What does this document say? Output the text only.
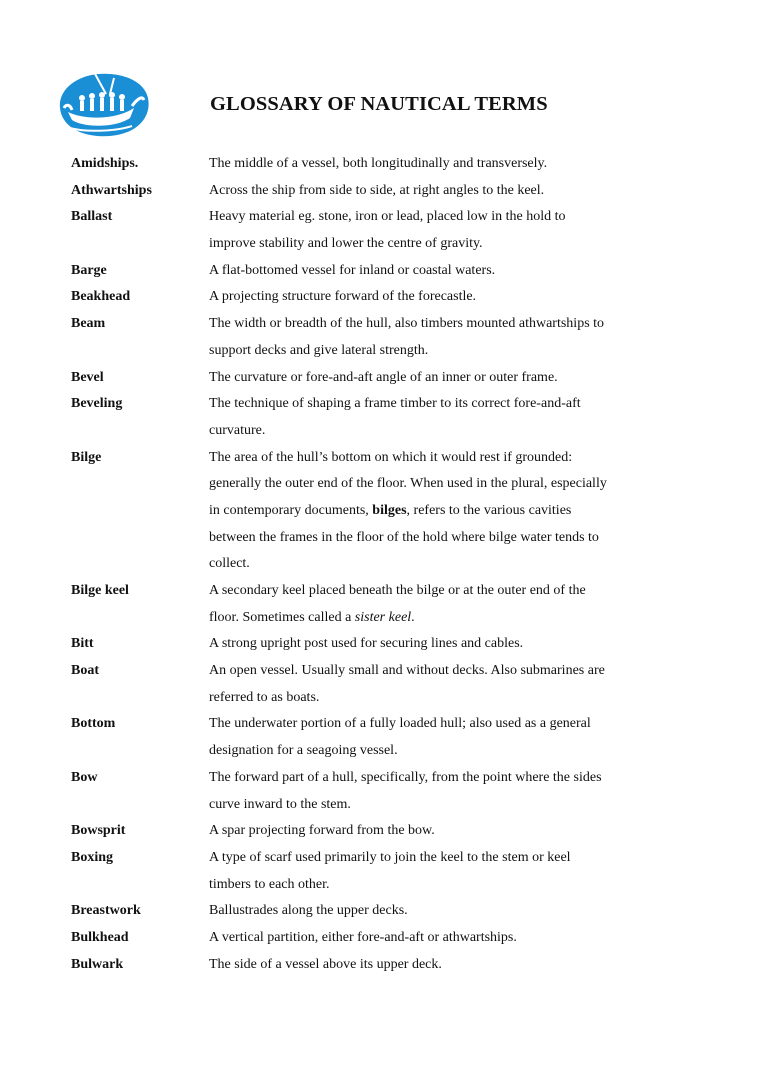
GLOSSARY OF NAUTICAL TERMS
Amidships.	The middle of a vessel, both longitudinally and transversely.
Athwartships	Across the ship from side to side, at right angles to the keel.
Ballast	Heavy material eg. stone, iron or lead, placed low in the hold to
improve stability and lower the centre of gravity.
Barge	A flat-bottomed vessel for inland or coastal waters.
Beakhead	A projecting structure forward of the forecastle.
Beam	The width or breadth of the hull, also timbers mounted athwartships to
support decks and give lateral strength.
Bevel	The curvature or fore-and-aft angle of an inner or outer frame.
Beveling	The technique of shaping a frame timber to its correct fore-and-aft
curvature.
Bilge	The area of the hull’s bottom on which it would rest if grounded:
generally the outer end of the floor. When used in the plural, especially
in contemporary documents, bilges, refers to the various cavities
between the frames in the floor of the hold where bilge water tends to
collect.
Bilge keel	A secondary keel placed beneath the bilge or at the outer end of the
floor. Sometimes called a sister keel.
Bitt	A strong upright post used for securing lines and cables.
Boat	An open vessel. Usually small and without decks. Also submarines are
referred to as boats.
Bottom	The underwater portion of a fully loaded hull; also used as a general
designation for a seagoing vessel.
Bow	The forward part of a hull, specifically, from the point where the sides
curve inward to the stem.
Bowsprit	A spar projecting forward from the bow.
Boxing	A type of scarf used primarily to join the keel to the stem or keel
timbers to each other.
Breastwork	Ballustrades along the upper decks.
Bulkhead	A vertical partition, either fore-and-aft or athwartships.
Bulwark	The side of a vessel above its upper deck.
